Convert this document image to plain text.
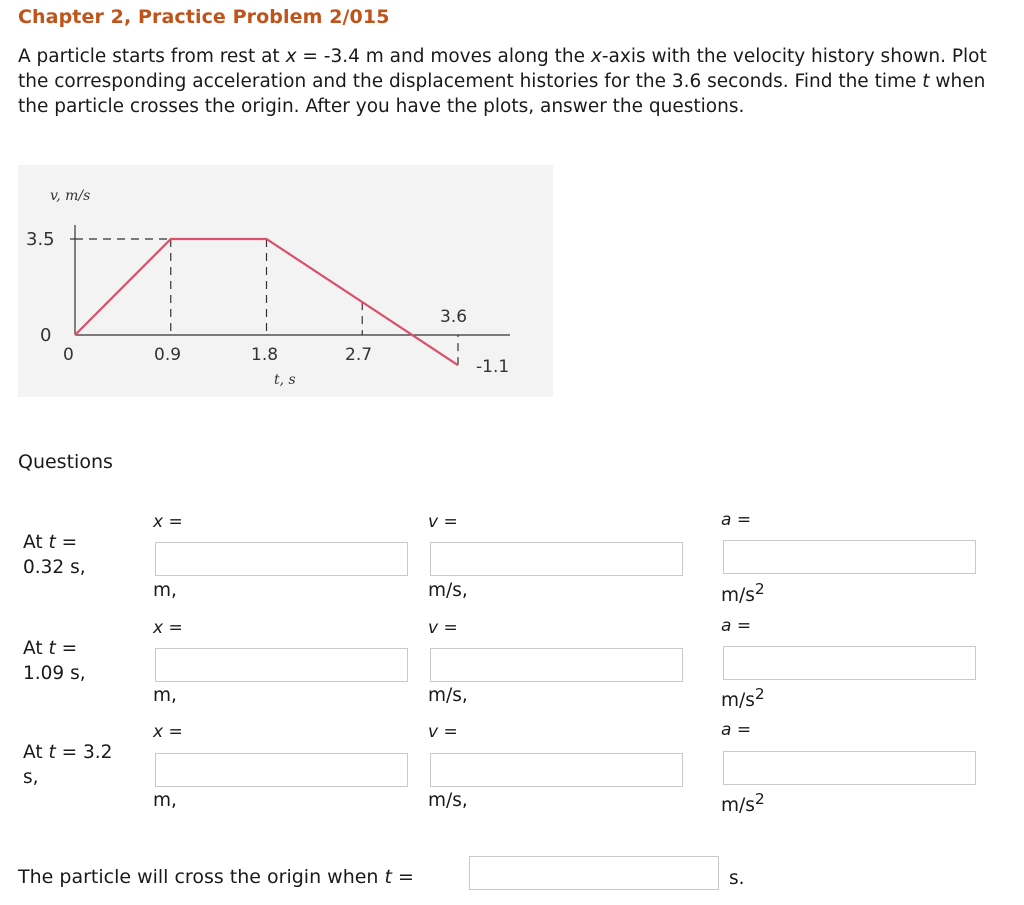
Chapter 2, Practice Problem 2/015
A particle starts from rest at x = -3.4 m and moves along the x-axis with the velocity history shown. Plot the corresponding acceleration and the displacement histories for the 3.6 seconds. Find the time t when the particle crosses the origin. After you have the plots, answer the questions.
v, m/s
3.5
0
0	0.9	1.8	2.7
t, s
3.6
-1.1
Questions
At t =
0.32 s,
x =
m,
v =
m/s,
a =
$m/s^2$
At t =
1.09 s,
x =
m,
v =
m/s,
a =
$m/s^2$
At t = 3.2
s,
x =
m,
v =
m/s,
a =
$m/s^2$
The particle will cross the origin when t =	s.
